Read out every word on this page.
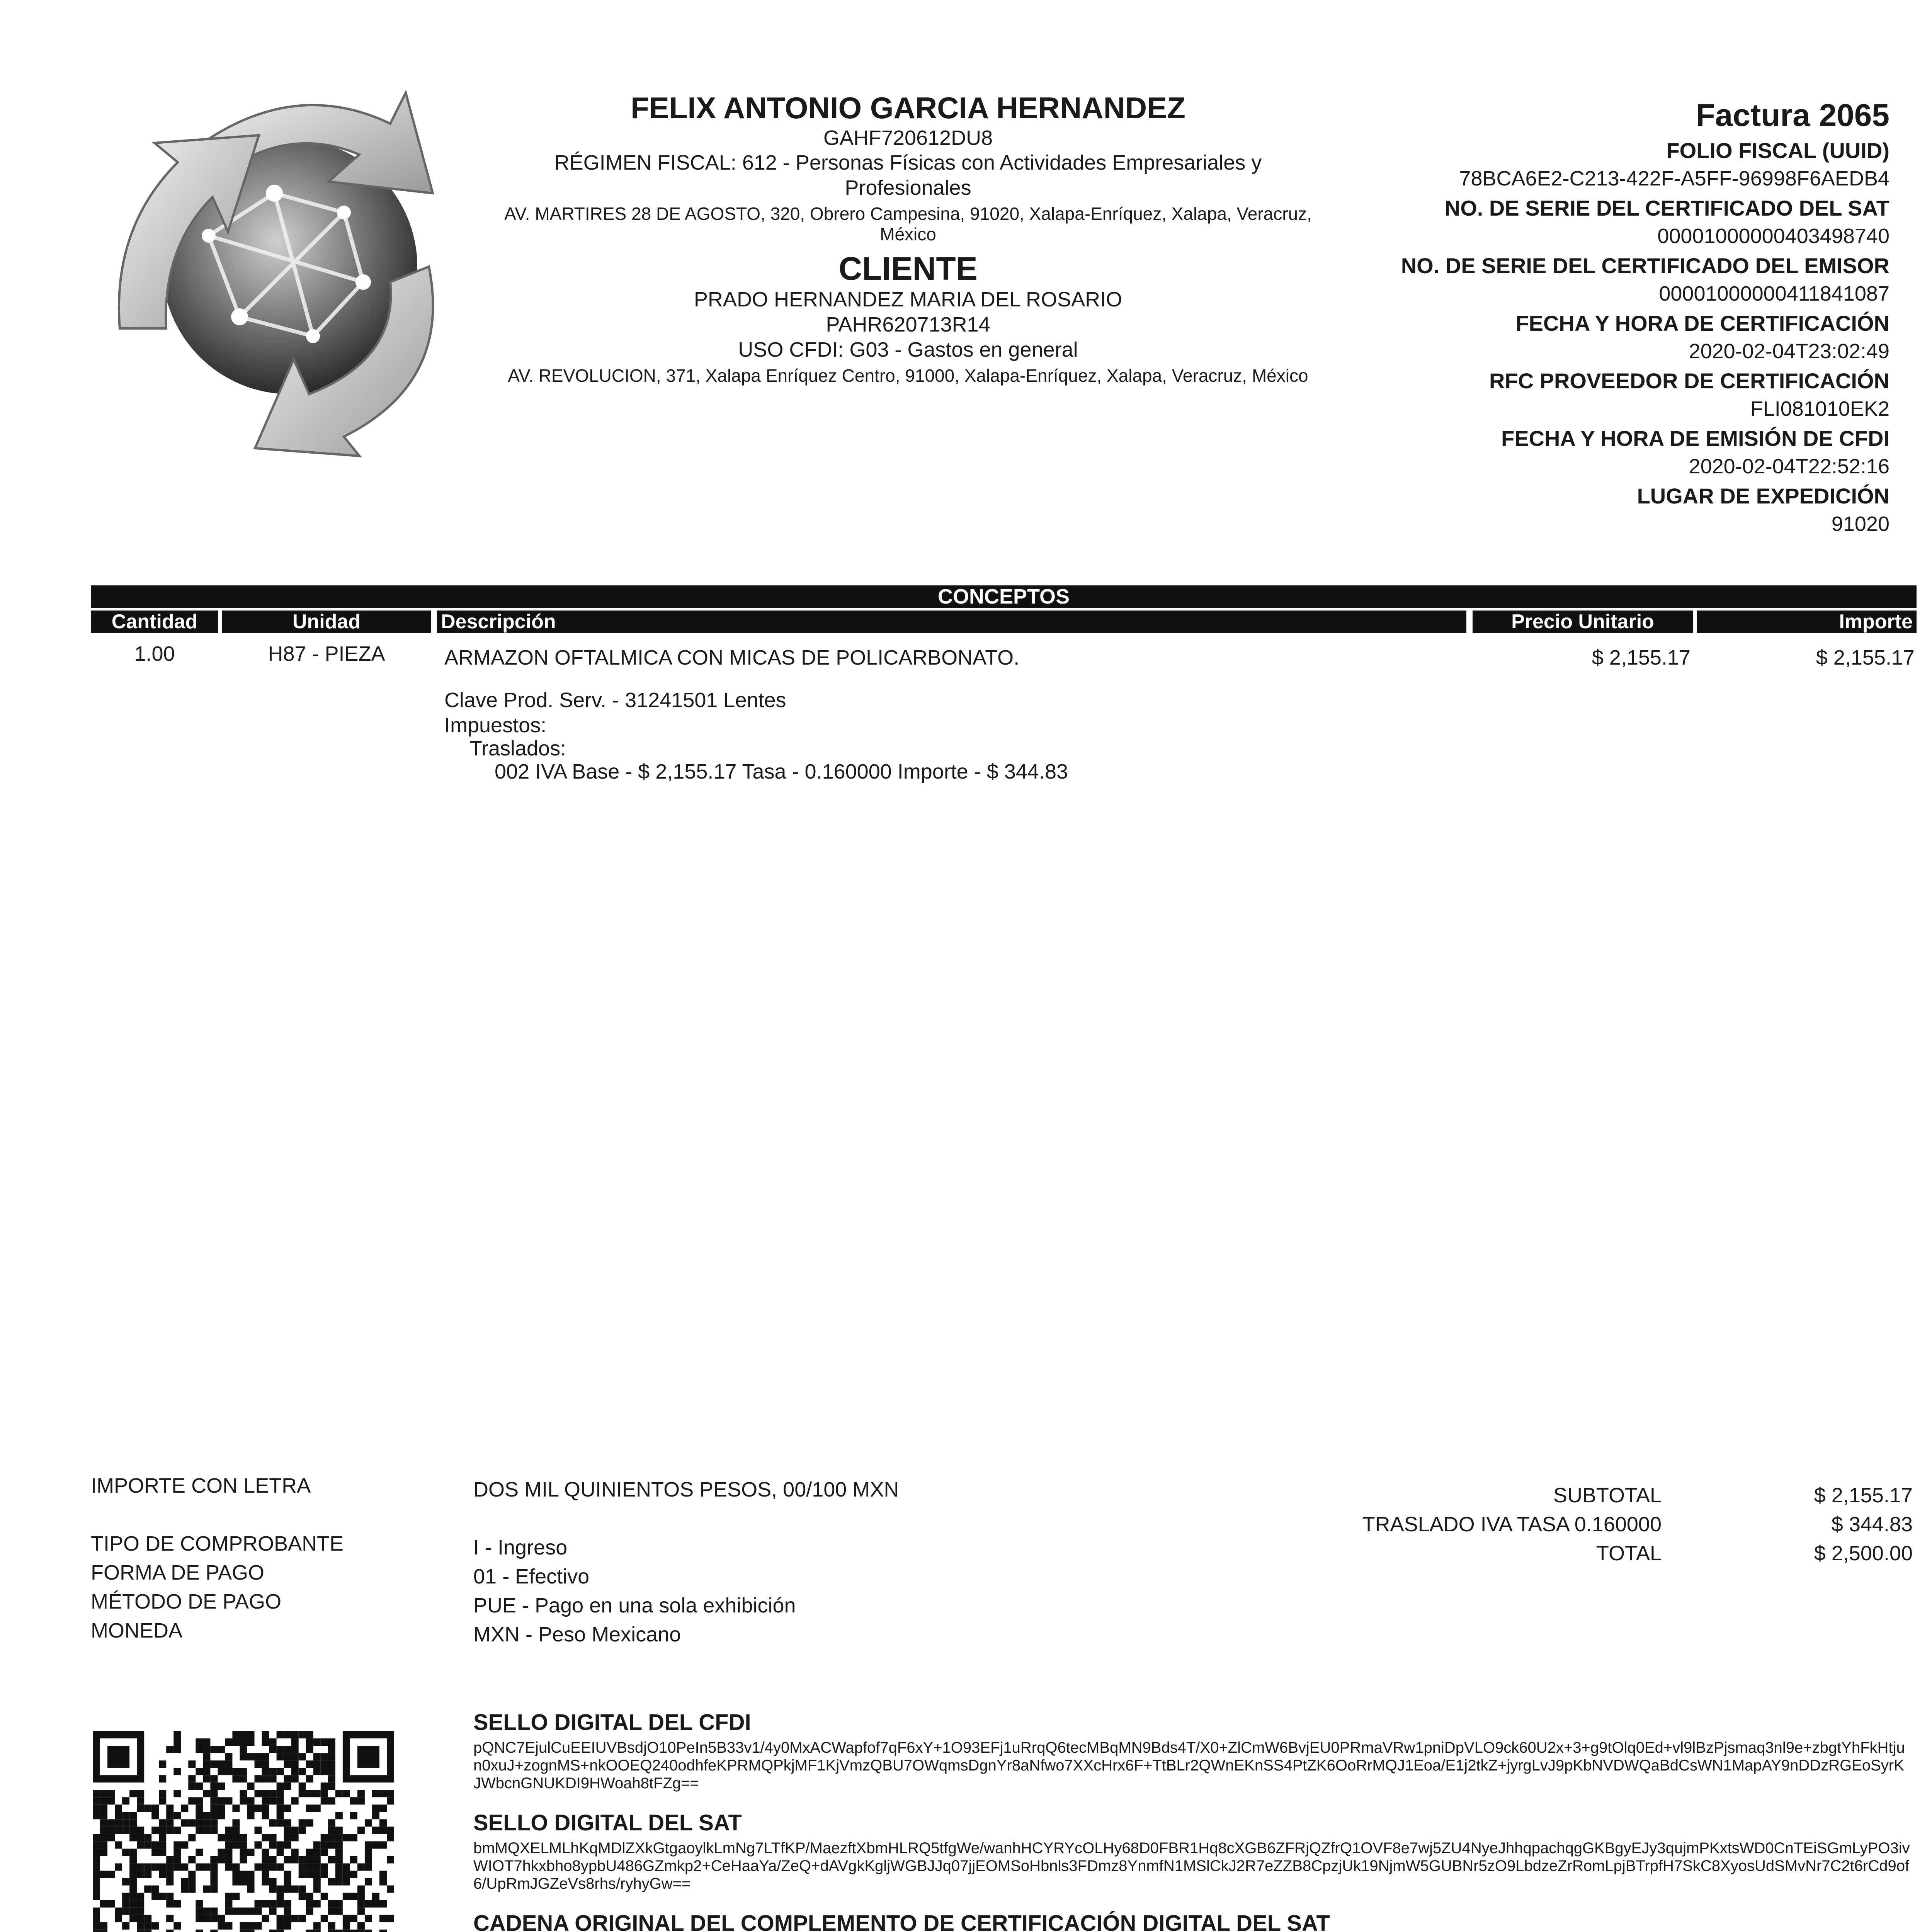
FELIX ANTONIO GARCIA HERNANDEZ
GAHF720612DU8
RÉGIMEN FISCAL: 612 - Personas Físicas con Actividades Empresariales y Profesionales
AV. MARTIRES 28 DE AGOSTO, 320, Obrero Campesina, 91020, Xalapa-Enríquez, Xalapa, Veracruz, México
CLIENTE
PRADO HERNANDEZ MARIA DEL ROSARIO
PAHR620713R14
USO CFDI: G03 - Gastos en general
AV. REVOLUCION, 371, Xalapa Enríquez Centro, 91000, Xalapa-Enríquez, Xalapa, Veracruz, México
Factura 2065
FOLIO FISCAL (UUID)
78BCA6E2-C213-422F-A5FF-96998F6AEDB4
NO. DE SERIE DEL CERTIFICADO DEL SAT
00001000000403498740
NO. DE SERIE DEL CERTIFICADO DEL EMISOR
00001000000411841087
FECHA Y HORA DE CERTIFICACIÓN
2020-02-04T23:02:49
RFC PROVEEDOR DE CERTIFICACIÓN
FLI081010EK2
FECHA Y HORA DE EMISIÓN DE CFDI
2020-02-04T22:52:16
LUGAR DE EXPEDICIÓN
91020
CONCEPTOS
Cantidad	Unidad	Descripción	Precio Unitario	Importe
1.00	H87 - PIEZA	ARMAZON OFTALMICA CON MICAS DE POLICARBONATO.	$ 2,155.17	$ 2,155.17
Clave Prod. Serv. - 31241501 Lentes
Impuestos:
Traslados:
002 IVA Base - $ 2,155.17 Tasa - 0.160000 Importe - $ 344.83
IMPORTE CON LETRA	DOS MIL QUINIENTOS PESOS, 00/100 MXN
TIPO DE COMPROBANTE	I - Ingreso
FORMA DE PAGO	01 - Efectivo
MÉTODO DE PAGO	PUE - Pago en una sola exhibición
MONEDA	MXN - Peso Mexicano
SUBTOTAL	$ 2,155.17
TRASLADO IVA TASA 0.160000	$ 344.83
TOTAL	$ 2,500.00
SELLO DIGITAL DEL CFDI
pQNC7EjulCuEEIUVBsdjO10PeIn5B33v1/4y0MxACWapfof7qF6xY+1O93EFj1uRrqQ6tecMBqMN9Bds4T/X0+ZlCmW6BvjEU0PRmaVRw1pniDpVLO9ck60U2x+3+g9tOlq0Ed+vl9lBzPjsmaq3nl9e+zbgtYhFkHtjun0xuJ+zognMS+nkOOEQ240odhfeKPRMQPkjMF1KjVmzQBU7OWqmsDgnYr8aNfwo7XXcHrx6F+TtBLr2QWnEKnSS4PtZK6OoRrMQJ1Eoa/E1j2tkZ+jyrgLvJ9pKbNVDWQaBdCsWN1MapAY9nDDzRGEoSyrKJWbcnGNUKDI9HWoah8tFZg==
SELLO DIGITAL DEL SAT
bmMQXELMLhKqMDlZXkGtgaoylkLmNg7LTfKP/MaezftXbmHLRQ5tfgWe/wanhHCYRYcOLHy68D0FBR1Hq8cXGB6ZFRjQZfrQ1OVF8e7wj5ZU4NyeJhhqpachqgGKBgyEJy3qujmPKxtsWD0CnTEiSGmLyPO3ivWIOT7hkxbho8ypbU486GZmkp2+CeHaaYa/ZeQ+dAVgkKgljWGBJJq07jjEOMSoHbnls3FDmz8YnmfN1MSlCkJ2R7eZZB8CpzjUk19NjmW5GUBNr5zO9LbdzeZrRomLpjBTrpfH7SkC8XyosUdSMvNr7C2t6rCd9of6/UpRmJGZeVs8rhs/ryhyGw==
CADENA ORIGINAL DEL COMPLEMENTO DE CERTIFICACIÓN DIGITAL DEL SAT
